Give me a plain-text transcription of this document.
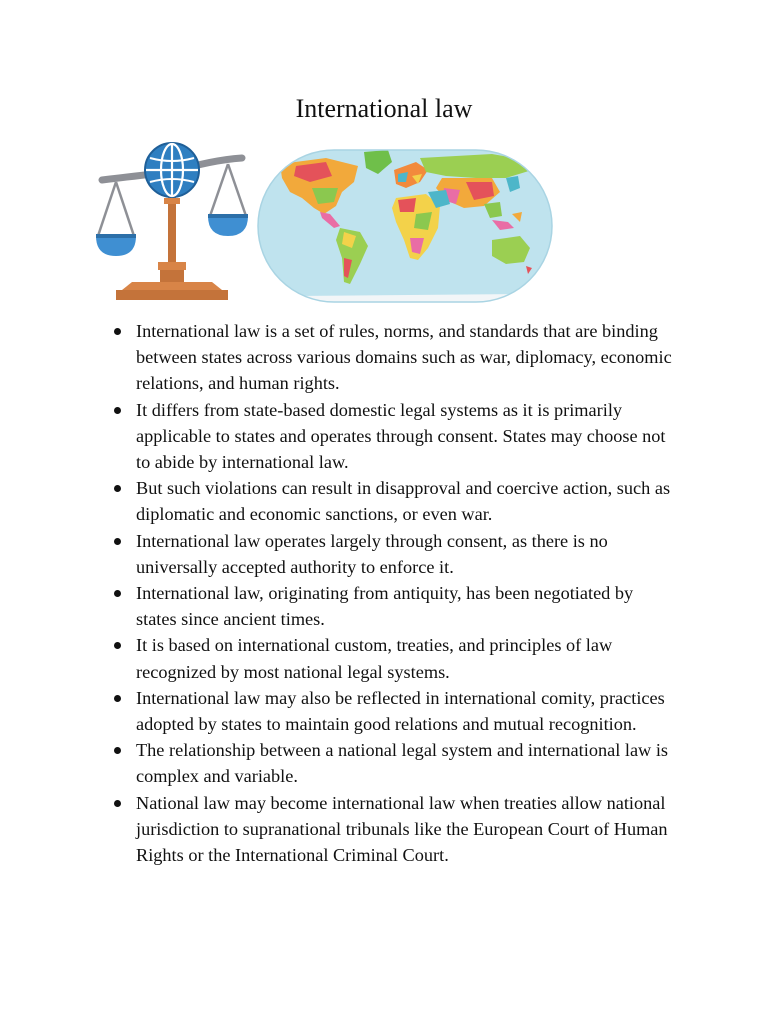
International law
International law is a set of rules, norms, and standards that are binding between states across various domains such as war, diplomacy, economic relations, and human rights.
It differs from state-based domestic legal systems as it is primarily applicable to states and operates through consent. States may choose not to abide by international law.
But such violations can result in disapproval and coercive action, such as diplomatic and economic sanctions, or even war.
International law operates largely through consent, as there is no universally accepted authority to enforce it.
International law, originating from antiquity, has been negotiated by states since ancient times.
It is based on international custom, treaties, and principles of law recognized by most national legal systems.
International law may also be reflected in international comity, practices adopted by states to maintain good relations and mutual recognition.
The relationship between a national legal system and international law is complex and variable.
National law may become international law when treaties allow national jurisdiction to supranational tribunals like the European Court of Human Rights or the International Criminal Court.
